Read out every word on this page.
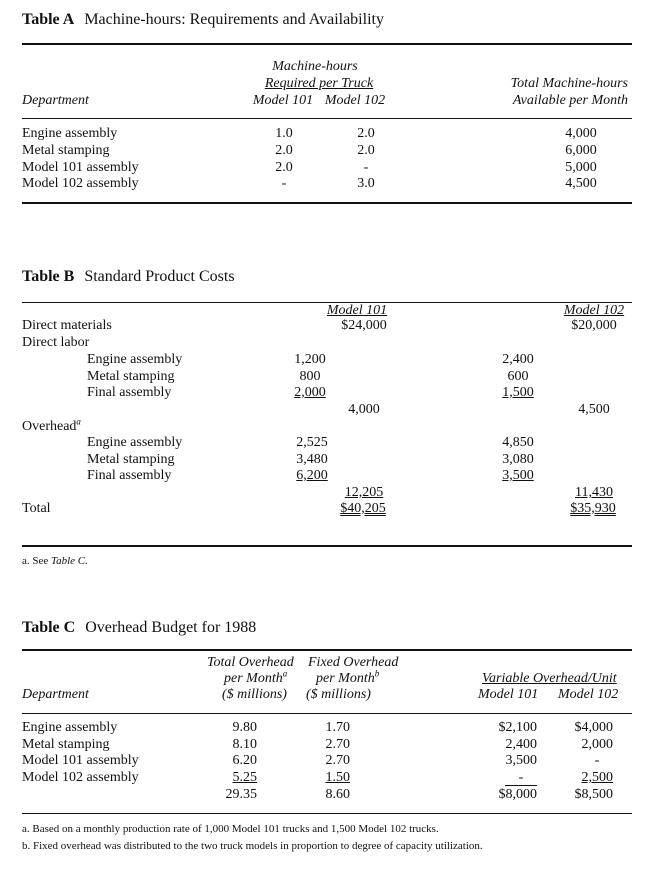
Table A Machine-hours: Requirements and Availability
Machine-hours
Required per Truck	Total Machine-hours
Department	Model 101 Model 102	Available per Month
Engine assembly	1.0	2.0	4,000
Metal stamping	2.0	2.0	6,000
Model 101 assembly	2.0	-	5,000
Model 102 assembly	-	3.0	4,500
Table B Standard Product Costs
Model 101	Model 102
Direct materials	$24,000	$20,000
Direct labor
Engine assembly	1,200	2,400
Metal stamping	800	600
Final assembly	2,000	1,500
4,000	4,500
Overhead$^a$
Engine assembly	2,525	4,850
Metal stamping	3,480	3,080
Final assembly	6,200	3,500
12,205	11,430
Total	$40,205	$35,930
a. See Table C.
Table C Overhead Budget for 1988
Total Overhead Fixed Overhead
per Month$^a$ per Month$^b$	Variable Overhead/Unit
Department	($ millions) ($ millions)	Model 101 Model 102
Engine assembly	9.80	1.70	$2,100	$4,000
Metal stamping	8.10	2.70	2,400	2,000
Model 101 assembly	6.20	2.70	3,500	-
Model 102 assembly	5.25	1.50	-	2,500
29.35	8.60	$8,000	$8,500
a. Based on a monthly production rate of 1,000 Model 101 trucks and 1,500 Model 102 trucks.
b. Fixed overhead was distributed to the two truck models in proportion to degree of capacity utilization.
